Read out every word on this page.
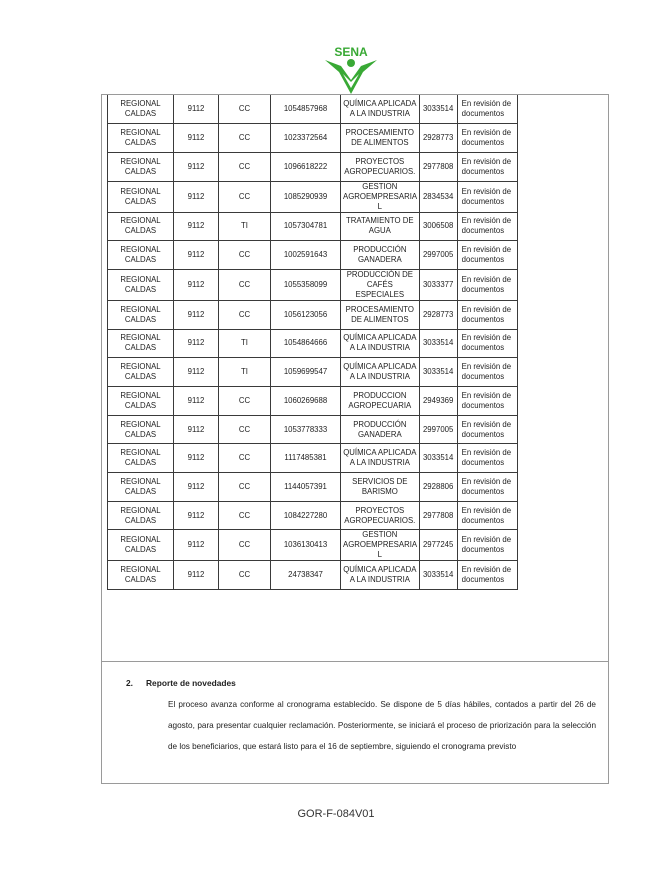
SENA
REGIONAL CALDAS	9112	CC	1054857968	QUÍMICA APLICADA A LA INDUSTRIA	3033514	En revisión de documentos
REGIONAL CALDAS	9112	CC	1023372564	PROCESAMIENTO DE ALIMENTOS	2928773	En revisión de documentos
REGIONAL CALDAS	9112	CC	1096618222	PROYECTOS AGROPECUARIOS.	2977808	En revisión de documentos
REGIONAL CALDAS	9112	CC	1085290939	GESTION AGROEMPRESARIA L	2834534	En revisión de documentos
REGIONAL CALDAS	9112	TI	1057304781	TRATAMIENTO DE AGUA	3006508	En revisión de documentos
REGIONAL CALDAS	9112	CC	1002591643	PRODUCCIÓN GANADERA	2997005	En revisión de documentos
REGIONAL CALDAS	9112	CC	1055358099	PRODUCCIÓN DE CAFÉS ESPECIALES	3033377	En revisión de documentos
REGIONAL CALDAS	9112	CC	1056123056	PROCESAMIENTO DE ALIMENTOS	2928773	En revisión de documentos
REGIONAL CALDAS	9112	TI	1054864666	QUÍMICA APLICADA A LA INDUSTRIA	3033514	En revisión de documentos
REGIONAL CALDAS	9112	TI	1059699547	QUÍMICA APLICADA A LA INDUSTRIA	3033514	En revisión de documentos
REGIONAL CALDAS	9112	CC	1060269688	PRODUCCION AGROPECUARIA	2949369	En revisión de documentos
REGIONAL CALDAS	9112	CC	1053778333	PRODUCCIÓN GANADERA	2997005	En revisión de documentos
REGIONAL CALDAS	9112	CC	1117485381	QUÍMICA APLICADA A LA INDUSTRIA	3033514	En revisión de documentos
REGIONAL CALDAS	9112	CC	1144057391	SERVICIOS DE BARISMO	2928806	En revisión de documentos
REGIONAL CALDAS	9112	CC	1084227280	PROYECTOS AGROPECUARIOS.	2977808	En revisión de documentos
REGIONAL CALDAS	9112	CC	1036130413	GESTION AGROEMPRESARIA L	2977245	En revisión de documentos
REGIONAL CALDAS	9112	CC	24738347	QUÍMICA APLICADA A LA INDUSTRIA	3033514	En revisión de documentos
2. Reporte de novedades
El proceso avanza conforme al cronograma establecido. Se dispone de 5 días hábiles, contados a partir del 26 de agosto, para presentar cualquier reclamación. Posteriormente, se iniciará el proceso de priorización para la selección de los beneficiarios, que estará listo para el 16 de septiembre, siguiendo el cronograma previsto
GOR-F-084V01
